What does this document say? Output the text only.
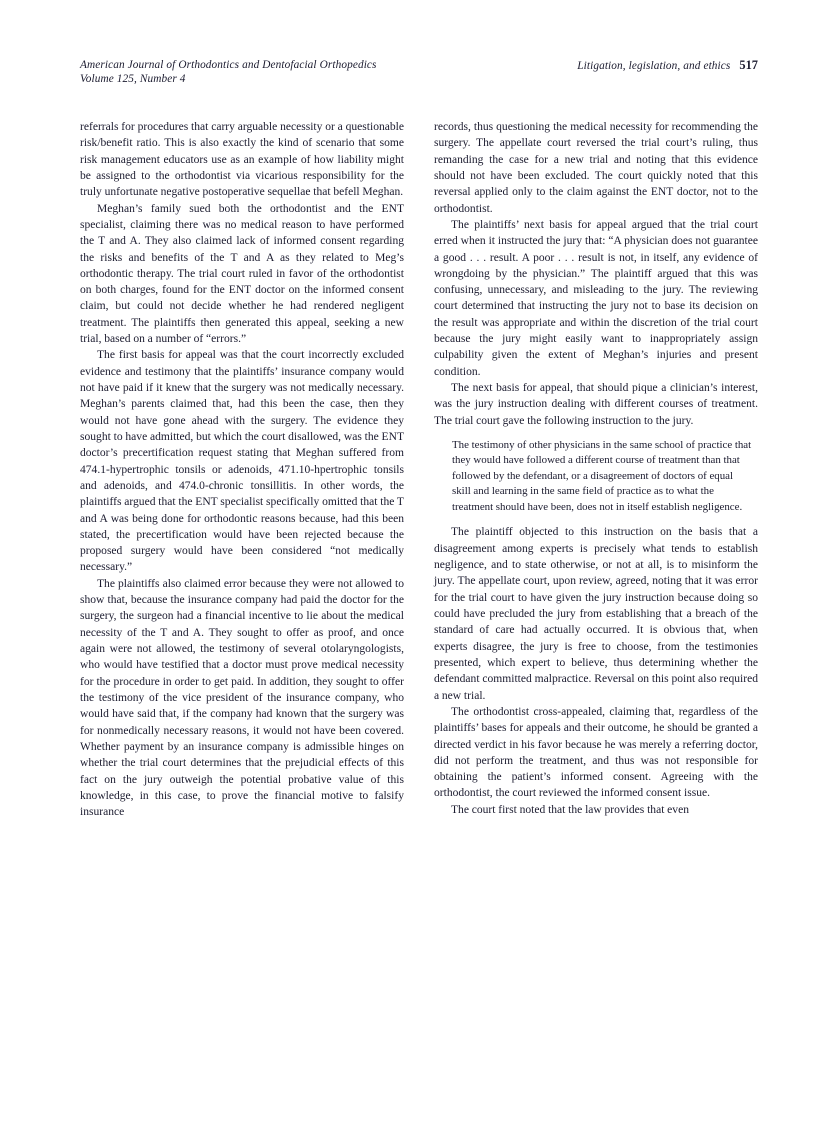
American Journal of Orthodontics and Dentofacial Orthopedics
Volume 125, Number 4
Litigation, legislation, and ethics 517

referrals for procedures that carry arguable necessity or a questionable risk/benefit ratio. This is also exactly the kind of scenario that some risk management educators use as an example of how liability might be assigned to the orthodontist via vicarious responsibility for the truly unfortunate negative postoperative sequellae that befell Meghan.

Meghan’s family sued both the orthodontist and the ENT specialist, claiming there was no medical reason to have performed the T and A. They also claimed lack of informed consent regarding the risks and benefits of the T and A as they related to Meg’s orthodontic therapy. The trial court ruled in favor of the orthodontist on both charges, found for the ENT doctor on the informed consent claim, but could not decide whether he had rendered negligent treatment. The plaintiffs then generated this appeal, seeking a new trial, based on a number of “errors.”

The first basis for appeal was that the court incorrectly excluded evidence and testimony that the plaintiffs’ insurance company would not have paid if it knew that the surgery was not medically necessary. Meghan’s parents claimed that, had this been the case, then they would not have gone ahead with the surgery. The evidence they sought to have admitted, but which the court disallowed, was the ENT doctor’s precertification request stating that Meghan suffered from 474.1-hypertrophic tonsils or adenoids, 471.10-hpertrophic tonsils and adenoids, and 474.0-chronic tonsillitis. In other words, the plaintiffs argued that the ENT specialist specifically omitted that the T and A was being done for orthodontic reasons because, had this been stated, the precertification would have been rejected because the proposed surgery would have been considered “not medically necessary.”

The plaintiffs also claimed error because they were not allowed to show that, because the insurance company had paid the doctor for the surgery, the surgeon had a financial incentive to lie about the medical necessity of the T and A. They sought to offer as proof, and once again were not allowed, the testimony of several otolaryngologists, who would have testified that a doctor must prove medical necessity for the procedure in order to get paid. In addition, they sought to offer the testimony of the vice president of the insurance company, who would have said that, if the company had known that the surgery was for nonmedically necessary reasons, it would not have been covered. Whether payment by an insurance company is admissible hinges on whether the trial court determines that the prejudicial effects of this fact on the jury outweigh the potential probative value of this knowledge, in this case, to prove the financial motive to falsify insurance

records, thus questioning the medical necessity for recommending the surgery. The appellate court reversed the trial court’s ruling, thus remanding the case for a new trial and noting that this evidence should not have been excluded. The court quickly noted that this reversal applied only to the claim against the ENT doctor, not to the orthodontist.

The plaintiffs’ next basis for appeal argued that the trial court erred when it instructed the jury that: “A physician does not guarantee a good . . . result. A poor . . . result is not, in itself, any evidence of wrongdoing by the physician.” The plaintiff argued that this was confusing, unnecessary, and misleading to the jury. The reviewing court determined that instructing the jury not to base its decision on the result was appropriate and within the discretion of the trial court because the jury might easily want to inappropriately assign culpability given the extent of Meghan’s injuries and present condition.

The next basis for appeal, that should pique a clinician’s interest, was the jury instruction dealing with different courses of treatment. The trial court gave the following instruction to the jury.

The testimony of other physicians in the same school of practice that they would have followed a different course of treatment than that followed by the defendant, or a disagreement of doctors of equal skill and learning in the same field of practice as to what the treatment should have been, does not in itself establish negligence.

The plaintiff objected to this instruction on the basis that a disagreement among experts is precisely what tends to establish negligence, and to state otherwise, or not at all, is to misinform the jury. The appellate court, upon review, agreed, noting that it was error for the trial court to have given the jury instruction because doing so could have precluded the jury from establishing that a breach of the standard of care had actually occurred. It is obvious that, when experts disagree, the jury is free to choose, from the testimonies presented, which expert to believe, thus determining whether the defendant committed malpractice. Reversal on this point also required a new trial.

The orthodontist cross-appealed, claiming that, regardless of the plaintiffs’ bases for appeals and their outcome, he should be granted a directed verdict in his favor because he was merely a referring doctor, did not perform the treatment, and thus was not responsible for obtaining the patient’s informed consent. Agreeing with the orthodontist, the court reviewed the informed consent issue.

The court first noted that the law provides that even
